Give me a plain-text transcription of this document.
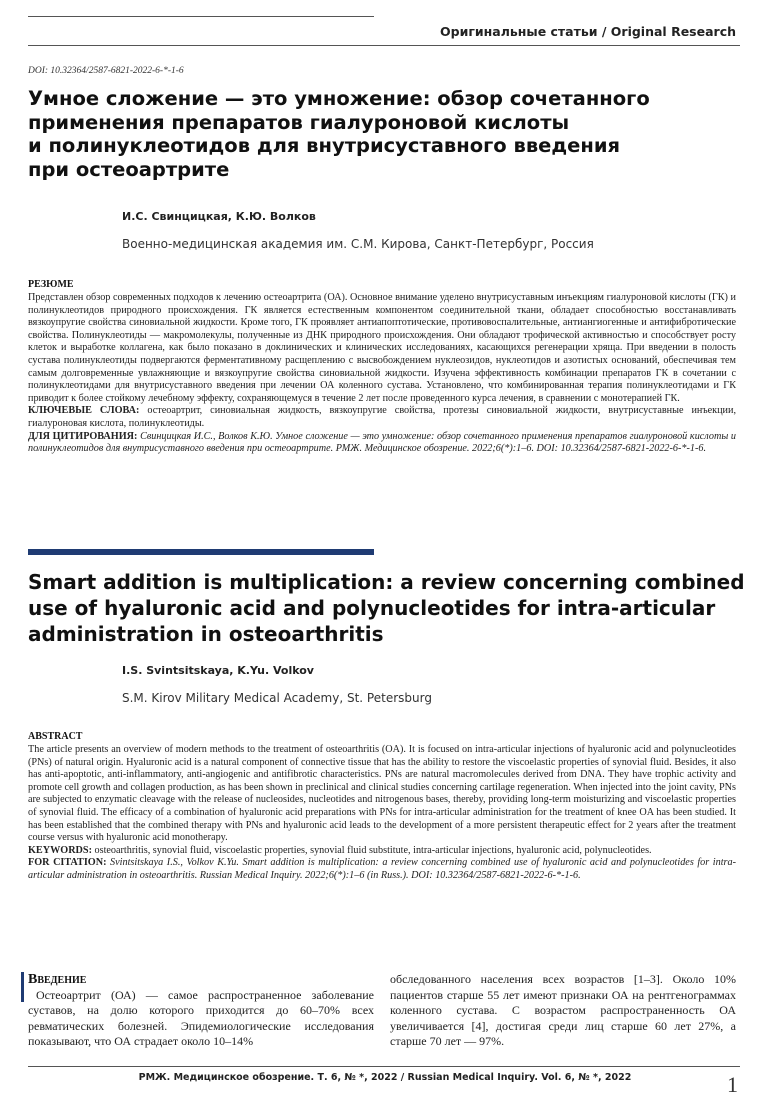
Оригинальные статьи / Original Research
DOI: 10.32364/2587-6821-2022-6-*-1-6
Умное сложение — это умножение: обзор сочетанного
применения препаратов гиалуроновой кислоты
и полинуклеотидов для внутрисуставного введения
при остеоартрите
И.С. Свинцицкая, К.Ю. Волков
Военно-медицинская академия им. С.М. Кирова, Санкт-Петербург, Россия
РЕЗЮМЕ
Представлен обзор современных подходов к лечению остеоартрита (ОА). Основное внимание уделено внутрисуставным инъекциям гиалуроновой кислоты (ГК) и полинуклеотидов природного происхождения. ГК является естественным компонентом соединительной ткани, обладает способностью восстанавливать вязкоупругие свойства синовиальной жидкости. Кроме того, ГК проявляет антиапоптотические, противовоспалительные, антиангиогенные и антифибротические свойства. Полинуклеотиды — макромолекулы, полученные из ДНК природного происхождения. Они обладают трофической активностью и способствует росту клеток и выработке коллагена, как было показано в доклинических и клинических исследованиях, касающихся регенерации хряща. При введении в полость сустава полинуклеотиды подвергаются ферментативному расщеплению с высвобождением нуклеозидов, нуклеотидов и азотистых оснований, обеспечивая тем самым долговременные увлажняющие и вязкоупругие свойства синовиальной жидкости. Изучена эффективность комбинации препаратов ГК в сочетании с полинуклеотидами для внутрисуставного введения при лечении ОА коленного сустава. Установлено, что комбинированная терапия полинуклеотидами и ГК приводит к более стойкому лечебному эффекту, сохраняющемуся в течение 2 лет после проведенного курса лечения, в сравнении с монотерапией ГК.
КЛЮЧЕВЫЕ СЛОВА: остеоартрит, синовиальная жидкость, вязкоупругие свойства, протезы синовиальной жидкости, внутрисуставные инъекции, гиалуроновая кислота, полинуклеотиды.
ДЛЯ ЦИТИРОВАНИЯ: Свинцицкая И.С., Волков К.Ю. Умное сложение — это умножение: обзор сочетанного применения препаратов гиалуроновой кислоты и полинуклеотидов для внутрисуставного введения при остеоартрите. РМЖ. Медицинское обозрение. 2022;6(*):1–6. DOI: 10.32364/2587-6821-2022-6-*-1-6.
Smart addition is multiplication: a review concerning combined
use of hyaluronic acid and polynucleotides for intra-articular
administration in osteoarthritis
I.S. Svintsitskaya, K.Yu. Volkov
S.M. Kirov Military Medical Academy, St. Petersburg
ABSTRACT
The article presents an overview of modern methods to the treatment of osteoarthritis (OA). It is focused on intra-articular injections of hyaluronic acid and polynucleotides (PNs) of natural origin. Hyaluronic acid is a natural component of connective tissue that has the ability to restore the viscoelastic properties of synovial fluid. Besides, it also has anti-apoptotic, anti-inflammatory, anti-angiogenic and antifibrotic characteristics. PNs are natural macromolecules derived from DNA. They have trophic activity and promote cell growth and collagen production, as has been shown in preclinical and clinical studies concerning cartilage regeneration. When injected into the joint cavity, PNs are subjected to enzymatic cleavage with the release of nucleosides, nucleotides and nitrogenous bases, thereby, providing long-term moisturizing and viscoelastic properties of synovial fluid. The efficacy of a combination of hyaluronic acid preparations with PNs for intra-articular administration for the treatment of knee OA has been studied. It has been established that the combined therapy with PNs and hyaluronic acid leads to the development of a more persistent therapeutic effect for 2 years after the treatment course versus with hyaluronic acid monotherapy.
KEYWORDS: osteoarthritis, synovial fluid, viscoelastic properties, synovial fluid substitute, intra-articular injections, hyaluronic acid, polynucleotides.
FOR CITATION: Svintsitskaya I.S., Volkov K.Yu. Smart addition is multiplication: a review concerning combined use of hyaluronic acid and polynucleotides for intra-articular administration in osteoarthritis. Russian Medical Inquiry. 2022;6(*):1–6 (in Russ.). DOI: 10.32364/2587-6821-2022-6-*-1-6.
Введение
Остеоартрит (ОА) — самое распространенное заболевание суставов, на долю которого приходится до 60–70% всех ревматических болезней. Эпидемиологические исследования показывают, что ОА страдает около 10–14%
обследованного населения всех возрастов [1–3]. Около 10% пациентов старше 55 лет имеют признаки ОА на рентгенограммах коленного сустава. С возрастом распространенность ОА увеличивается [4], достигая среди лиц старше 60 лет 27%, а старше 70 лет — 97%.
РМЖ. Медицинское обозрение. Т. 6, № *, 2022 / Russian Medical Inquiry. Vol. 6, № *, 2022	1
